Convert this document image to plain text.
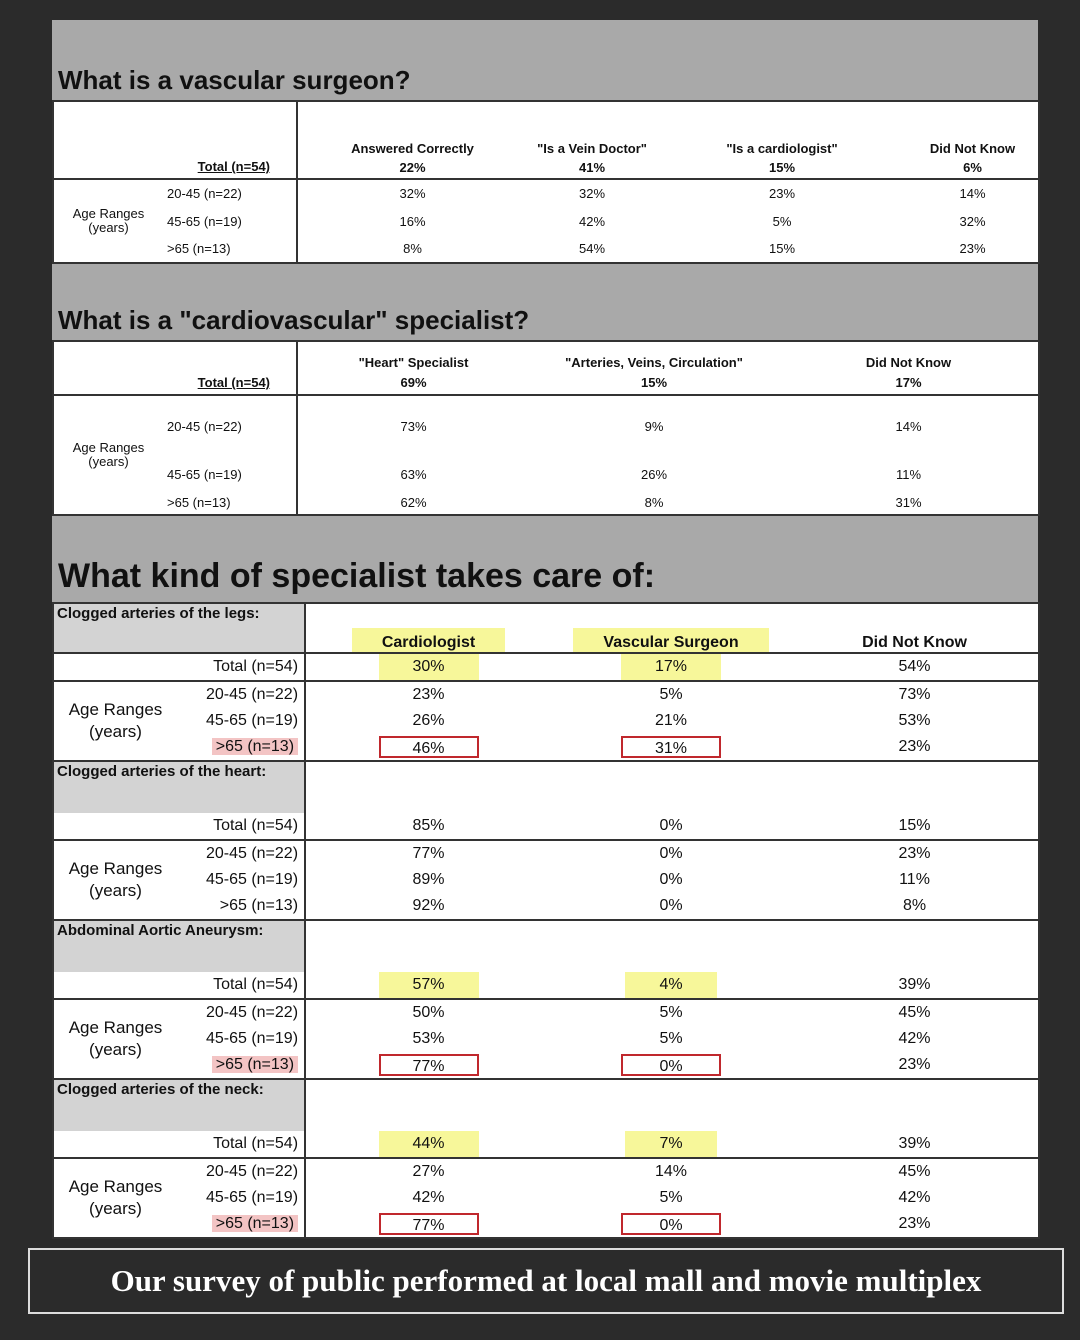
What is a vascular surgeon?
Total (n=54)		Answered Correctly	"Is a Vein Doctor"	"Is a cardiologist"	Did Not Know
		22%	41%	15%	6%

Age Ranges
(years)	20-45 (n=22)	32%	32%	23%	14%
	45-65 (n=19)	16%	42%	5%	32%
	>65 (n=13)	8%	54%	15%	23%
What is a "cardiovascular" specialist?
Total (n=54)		"Heart" Specialist	"Arteries, Veins, Circulation"	Did Not Know
		69%	15%	17%

Age Ranges
(years)	20-45 (n=22)	73%	9%	14%
	45-65 (n=19)	63%	26%	11%
	>65 (n=13)	62%	8%	31%
What kind of specialist takes care of:
Clogged arteries of the legs:		Cardiologist	Vascular Surgeon	Did Not Know
Total (n=54)		30%	17%	54%

Age Ranges
(years)	20-45 (n=22)	23%	5%	73%
	45-65 (n=19)	26%	21%	53%
	>65 (n=13)	46%	31%	23%
Clogged arteries of the heart:				
Total (n=54)		85%	0%	15%

Age Ranges
(years)	20-45 (n=22)	77%	0%	23%
	45-65 (n=19)	89%	0%	11%
	>65 (n=13)	92%	0%	8%
Abdominal Aortic Aneurysm:				
Total (n=54)		57%	4%	39%

Age Ranges
(years)	20-45 (n=22)	50%	5%	45%
	45-65 (n=19)	53%	5%	42%
	>65 (n=13)	77%	0%	23%
Clogged arteries of the neck:				
Total (n=54)		44%	7%	39%

Age Ranges
(years)	20-45 (n=22)	27%	14%	45%
	45-65 (n=19)	42%	5%	42%
	>65 (n=13)	77%	0%	23%
Our survey of public performed at local mall and movie multiplex
